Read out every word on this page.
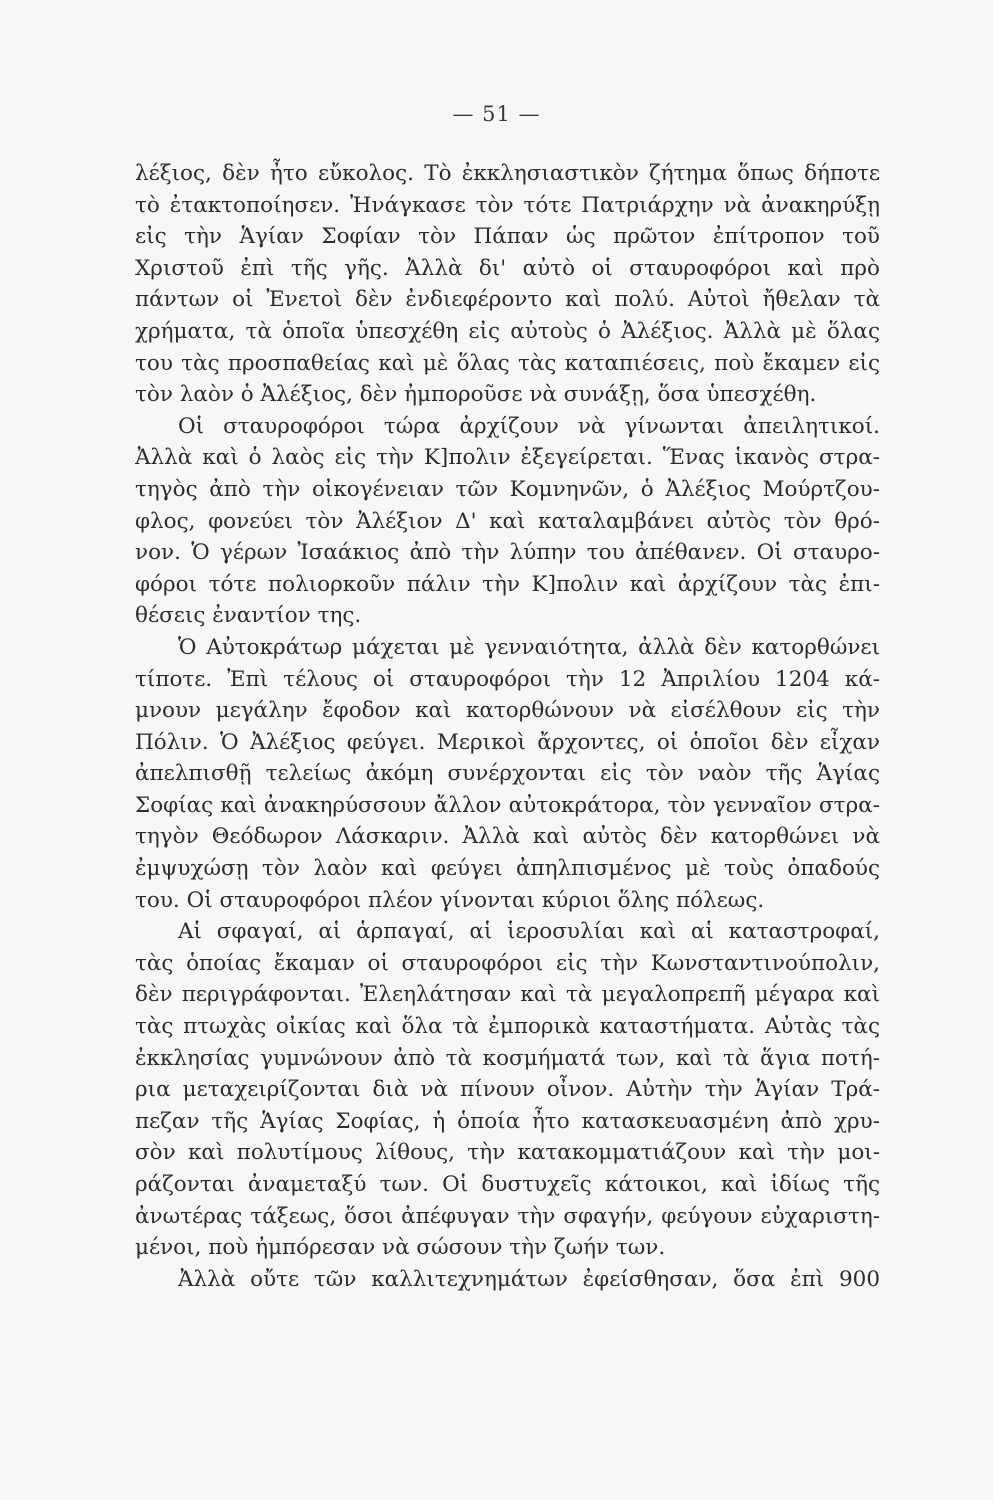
— 51 —
λέξιος, δὲν ἦτο εὔκολος. Τὸ ἐκκλησιαστικὸν ζήτημα ὅπως δήποτε
τὸ ἐτακτοποίησεν. Ἠνάγκασε τὸν τότε Πατριάρχην νὰ ἀνακηρύξῃ
εἰς τὴν Ἁγίαν Σοφίαν τὸν Πάπαν ὡς πρῶτον ἐπίτροπον τοῦ
Χριστοῦ ἐπὶ τῆς γῆς. Ἀλλὰ δι' αὐτὸ οἱ σταυροφόροι καὶ πρὸ
πάντων οἱ Ἐνετοὶ δὲν ἐνδιεφέροντο καὶ πολύ. Αὐτοὶ ἤθελαν τὰ
χρήματα, τὰ ὁποῖα ὑπεσχέθη εἰς αὐτοὺς ὁ Ἀλέξιος. Ἀλλὰ μὲ ὅλας
του τὰς προσπαθείας καὶ μὲ ὅλας τὰς καταπιέσεις, ποὺ ἔκαμεν εἰς
τὸν λαὸν ὁ Ἀλέξιος, δὲν ἠμποροῦσε νὰ συνάξῃ, ὅσα ὑπεσχέθη.
Οἱ σταυροφόροι τώρα ἀρχίζουν νὰ γίνωνται ἀπειλητικοί.
Ἀλλὰ καὶ ὁ λαὸς εἰς τὴν Κ]πολιν ἐξεγείρεται. Ἕνας ἱκανὸς στρα-
τηγὸς ἀπὸ τὴν οἰκογένειαν τῶν Κομνηνῶν, ὁ Ἀλέξιος Μούρτζου-
φλος, φονεύει τὸν Ἀλέξιον Δ' καὶ καταλαμβάνει αὐτὸς τὸν θρό-
νον. Ὁ γέρων Ἰσαάκιος ἀπὸ τὴν λύπην του ἀπέθανεν. Οἱ σταυρο-
φόροι τότε πολιορκοῦν πάλιν τὴν Κ]πολιν καὶ ἀρχίζουν τὰς ἐπι-
θέσεις ἐναντίον της.
Ὁ Αὐτοκράτωρ μάχεται μὲ γενναιότητα, ἀλλὰ δὲν κατορθώνει
τίποτε. Ἐπὶ τέλους οἱ σταυροφόροι τὴν 12 Ἀπριλίου 1204 κά-
μνουν μεγάλην ἔφοδον καὶ κατορθώνουν νὰ εἰσέλθουν εἰς τὴν
Πόλιν. Ὁ Ἀλέξιος φεύγει. Μερικοὶ ἄρχοντες, οἱ ὁποῖοι δὲν εἶχαν
ἀπελπισθῇ τελείως ἀκόμη συνέρχονται εἰς τὸν ναὸν τῆς Ἁγίας
Σοφίας καὶ ἀνακηρύσσουν ἄλλον αὐτοκράτορα, τὸν γενναῖον στρα-
τηγὸν Θεόδωρον Λάσκαριν. Ἀλλὰ καὶ αὐτὸς δὲν κατορθώνει νὰ
ἐμψυχώσῃ τὸν λαὸν καὶ φεύγει ἀπηλπισμένος μὲ τοὺς ὀπαδούς
του. Οἱ σταυροφόροι πλέον γίνονται κύριοι ὅλης πόλεως.
Αἱ σφαγαί, αἱ ἁρπαγαί, αἱ ἱεροσυλίαι καὶ αἱ καταστροφαί,
τὰς ὁποίας ἔκαμαν οἱ σταυροφόροι εἰς τὴν Κωνσταντινούπολιν,
δὲν περιγράφονται. Ἐλεηλάτησαν καὶ τὰ μεγαλοπρεπῆ μέγαρα καὶ
τὰς πτωχὰς οἰκίας καὶ ὅλα τὰ ἐμπορικὰ καταστήματα. Αὐτὰς τὰς
ἐκκλησίας γυμνώνουν ἀπὸ τὰ κοσμήματά των, καὶ τὰ ἅγια ποτή-
ρια μεταχειρίζονται διὰ νὰ πίνουν οἶνον. Αὐτὴν τὴν Ἁγίαν Τρά-
πεζαν τῆς Ἁγίας Σοφίας, ἡ ὁποία ἦτο κατασκευασμένη ἀπὸ χρυ-
σὸν καὶ πολυτίμους λίθους, τὴν κατακομματιάζουν καὶ τὴν μοι-
ράζονται ἀναμεταξύ των. Οἱ δυστυχεῖς κάτοικοι, καὶ ἰδίως τῆς
ἀνωτέρας τάξεως, ὅσοι ἀπέφυγαν τὴν σφαγήν, φεύγουν εὐχαριστη-
μένοι, ποὺ ἠμπόρεσαν νὰ σώσουν τὴν ζωήν των.
Ἀλλὰ οὔτε τῶν καλλιτεχνημάτων ἐφείσθησαν, ὅσα ἐπὶ 900
